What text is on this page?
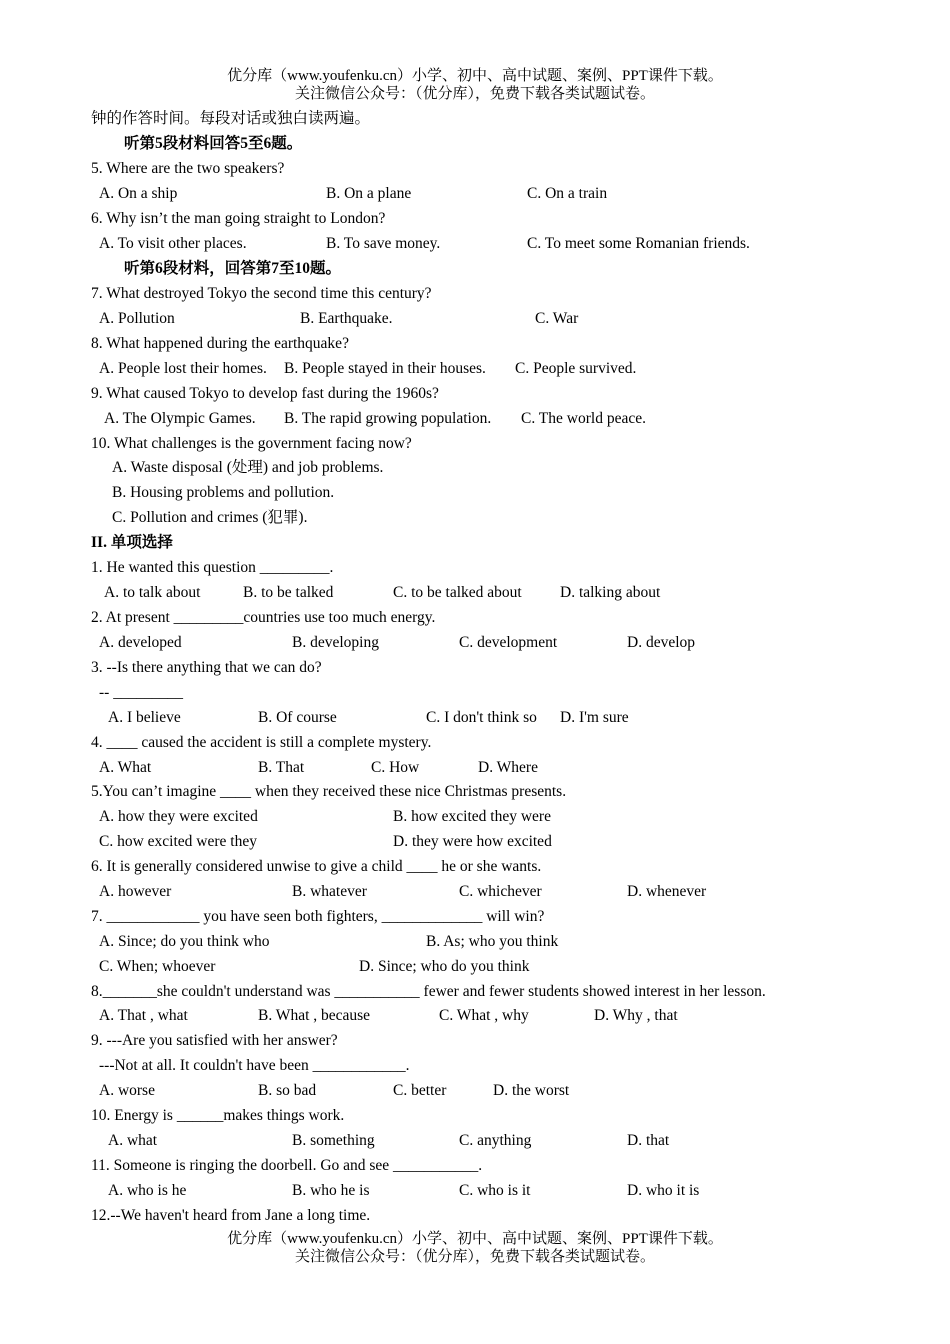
优分库（www.youfenku.cn）小学、初中、高中试题、案例、PPT课件下载。
关注微信公众号：（优分库），免费下载各类试题试卷。
钟的作答时间。每段对话或独白读两遍。
听第5段材料回答5至6题。
5. Where are the two speakers?
A. On a ship	B. On a plane	C. On a train
6. Why isn’t the man going straight to London?
A. To visit other places.	B. To save money.	C. To meet some Romanian friends.
听第6段材料，回答第7至10题。
7. What destroyed Tokyo the second time this century?
A. Pollution	B. Earthquake.	C. War
8. What happened during the earthquake?
A. People lost their homes. B. People stayed in their houses. C. People survived.
9. What caused Tokyo to develop fast during the 1960s?
A. The Olympic Games. B. The rapid growing population. C. The world peace.
10. What challenges is the government facing now?
A. Waste disposal (处理) and job problems.
B. Housing problems and pollution.
C. Pollution and crimes (犯罪).
II. 单项选择
1. He wanted this question _________.
A. to talk about	B. to be talked	C. to be talked about D. talking about
2. At present _________countries use too much energy.
A. developed	B. developing	C. development	D. develop
3. --Is there anything that we can do?
-- _________
A. I believe	B. Of course	C. I don't think so D. I'm sure
4. ____ caused the accident is still a complete mystery.
A. What	B. That	C. How	D. Where
5.You can’t imagine ____ when they received these nice Christmas presents.
A. how they were excited	B. how excited they were
C. how excited were they	D. they were how excited
6. It is generally considered unwise to give a child ____ he or she wants.
A. however	B. whatever	C. whichever	D. whenever
7. ____________ you have seen both fighters, _____________ will win?
A. Since; do you think who	B. As; who you think
C. When; whoever	D. Since; who do you think
8._______she couldn't understand was ___________ fewer and fewer students showed interest in her lesson.
A. That , what	B. What , because	C. What , why	D. Why , that
9. ---Are you satisfied with her answer?
---Not at all. It couldn't have been ____________.
A. worse	B. so bad	C. better	D. the worst
10. Energy is ______makes things work.
A. what	B. something	C. anything	D. that
11. Someone is ringing the doorbell. Go and see ___________.
A. who is he	B. who he is	C. who is it	D. who it is
12.--We haven't heard from Jane a long time.
优分库（www.youfenku.cn）小学、初中、高中试题、案例、PPT课件下载。
关注微信公众号：（优分库），免费下载各类试题试卷。
